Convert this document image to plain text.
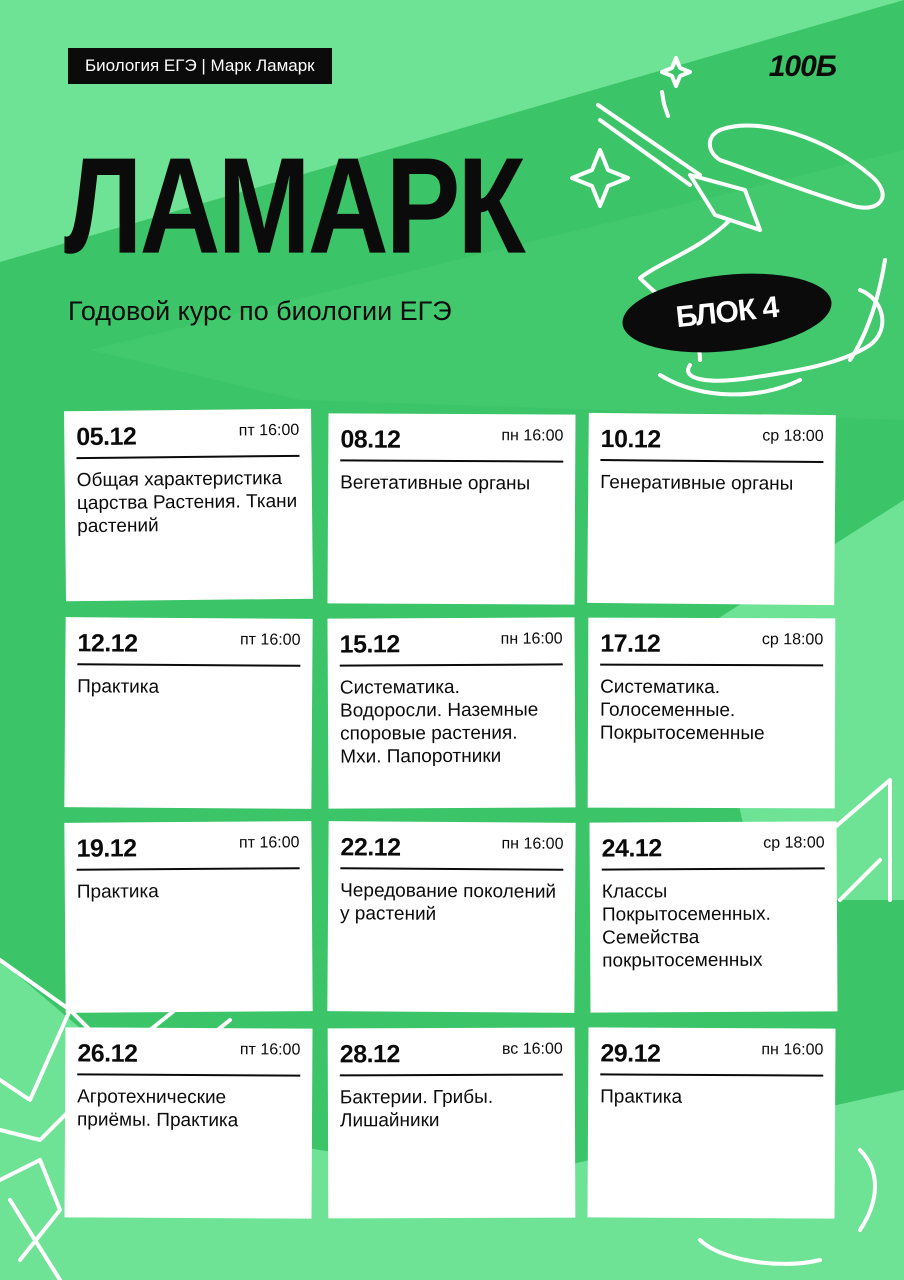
Биология ЕГЭ | Марк Ламарк	100Б
ЛАМАРК
Годовой курс по биологии ЕГЭ	БЛОК 4
05.12	пт 16:00
Общая характеристика царства Растения. Ткани растений
08.12	пн 16:00
Вегетативные органы
10.12	ср 18:00
Генеративные органы
12.12	пт 16:00
Практика
15.12	пн 16:00
Систематика. Водоросли. Наземные споровые растения. Мхи. Папоротники
17.12	ср 18:00
Систематика. Голосеменные. Покрытосеменные
19.12	пт 16:00
Практика
22.12	пн 16:00
Чередование поколений у растений
24.12	ср 18:00
Классы Покрытосеменных. Семейства покрытосеменных
26.12	пт 16:00
Агротехнические приёмы. Практика
28.12	вс 16:00
Бактерии. Грибы. Лишайники
29.12	пн 16:00
Практика
